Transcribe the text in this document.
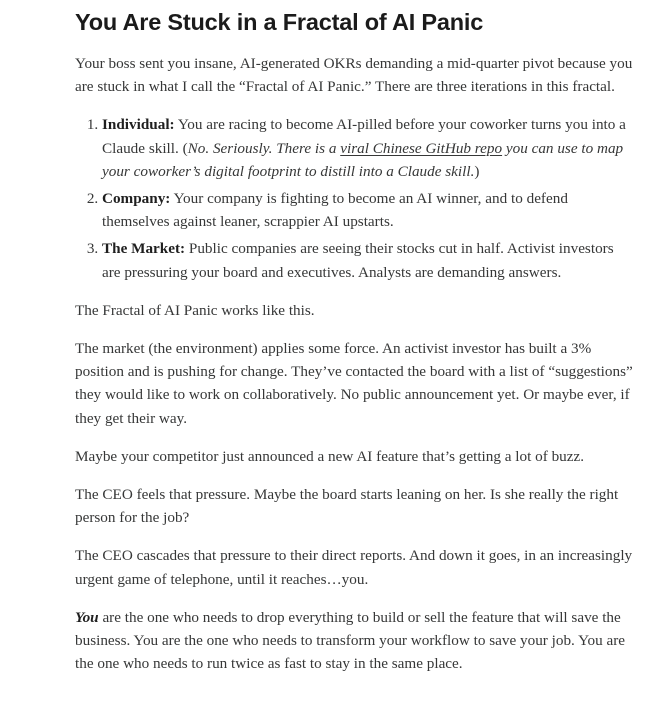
You Are Stuck in a Fractal of AI Panic

Your boss sent you insane, AI-generated OKRs demanding a mid-quarter pivot because you are stuck in what I call the “Fractal of AI Panic.” There are three iterations in this fractal.

1. Individual: You are racing to become AI-pilled before your coworker turns you into a Claude skill. (No. Seriously. There is a viral Chinese GitHub repo you can use to map your coworker’s digital footprint to distill into a Claude skill.)
2. Company: Your company is fighting to become an AI winner, and to defend themselves against leaner, scrappier AI upstarts.
3. The Market: Public companies are seeing their stocks cut in half. Activist investors are pressuring your board and executives. Analysts are demanding answers.

The Fractal of AI Panic works like this.

The market (the environment) applies some force. An activist investor has built a 3% position and is pushing for change. They’ve contacted the board with a list of “suggestions” they would like to work on collaboratively. No public announcement yet. Or maybe ever, if they get their way.

Maybe your competitor just announced a new AI feature that’s getting a lot of buzz.

The CEO feels that pressure. Maybe the board starts leaning on her. Is she really the right person for the job?

The CEO cascades that pressure to their direct reports. And down it goes, in an increasingly urgent game of telephone, until it reaches…you.

You are the one who needs to drop everything to build or sell the feature that will save the business. You are the one who needs to transform your workflow to save your job. You are the one who needs to run twice as fast to stay in the same place.
